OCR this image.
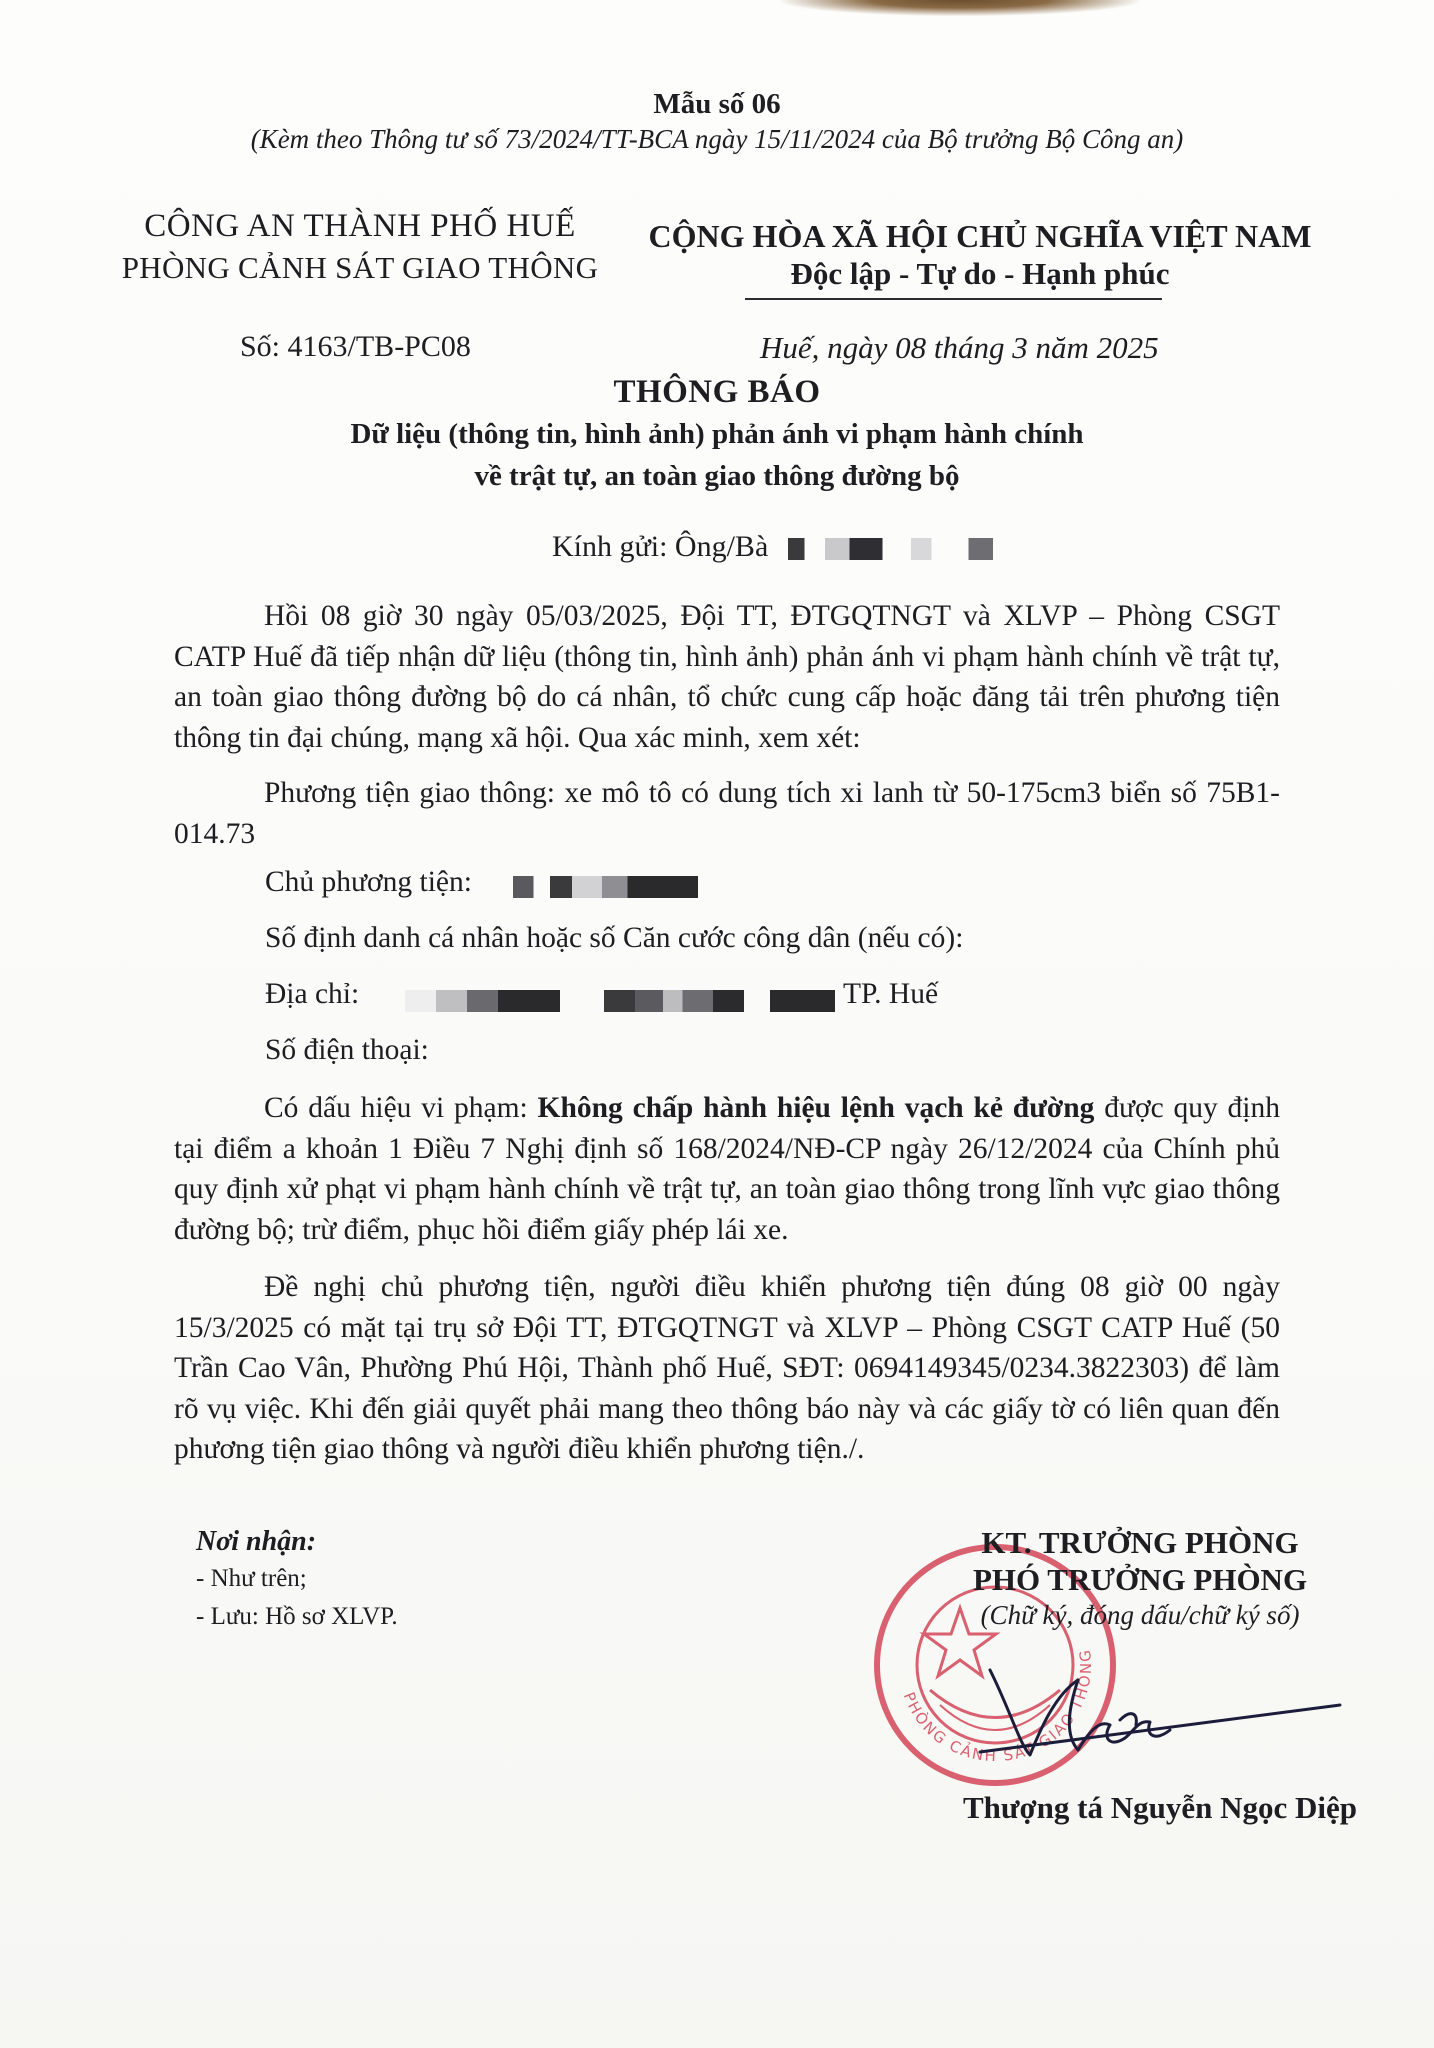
Mẫu số 06
(Kèm theo Thông tư số 73/2024/TT-BCA ngày 15/11/2024 của Bộ trưởng Bộ Công an)
CÔNG AN THÀNH PHỐ HUẾ
PHÒNG CẢNH SÁT GIAO THÔNG
CỘNG HÒA XÃ HỘI CHỦ NGHĨA VIỆT NAM
Độc lập - Tự do - Hạnh phúc
Số: 4163/TB-PC08	Huế, ngày 08 tháng 3 năm 2025
THÔNG BÁO
Dữ liệu (thông tin, hình ảnh) phản ánh vi phạm hành chính
về trật tự, an toàn giao thông đường bộ
Kính gửi: Ông/Bà
Hồi 08 giờ 30 ngày 05/03/2025, Đội TT, ĐTGQTNGT và XLVP – Phòng CSGT CATP Huế đã tiếp nhận dữ liệu (thông tin, hình ảnh) phản ánh vi phạm hành chính về trật tự, an toàn giao thông đường bộ do cá nhân, tổ chức cung cấp hoặc đăng tải trên phương tiện thông tin đại chúng, mạng xã hội. Qua xác minh, xem xét:
Phương tiện giao thông: xe mô tô có dung tích xi lanh từ 50-175cm3 biển số 75B1-014.73
Chủ phương tiện:
Số định danh cá nhân hoặc số Căn cước công dân (nếu có):
Địa chỉ:	TP. Huế
Số điện thoại:
Có dấu hiệu vi phạm: Không chấp hành hiệu lệnh vạch kẻ đường được quy định tại điểm a khoản 1 Điều 7 Nghị định số 168/2024/NĐ-CP ngày 26/12/2024 của Chính phủ quy định xử phạt vi phạm hành chính về trật tự, an toàn giao thông trong lĩnh vực giao thông đường bộ; trừ điểm, phục hồi điểm giấy phép lái xe.
Đề nghị chủ phương tiện, người điều khiển phương tiện đúng 08 giờ 00 ngày 15/3/2025 có mặt tại trụ sở Đội TT, ĐTGQTNGT và XLVP – Phòng CSGT CATP Huế (50 Trần Cao Vân, Phường Phú Hội, Thành phố Huế, SĐT: 0694149345/0234.3822303) để làm rõ vụ việc. Khi đến giải quyết phải mang theo thông báo này và các giấy tờ có liên quan đến phương tiện giao thông và người điều khiển phương tiện./.
Nơi nhận:
- Như trên;
- Lưu: Hồ sơ XLVP.
PHÒNG CẢNH SÁT GIAO THÔNG
KT. TRƯỞNG PHÒNG
PHÓ TRƯỞNG PHÒNG
(Chữ ký, đóng dấu/chữ ký số)
Thượng tá Nguyễn Ngọc Diệp
